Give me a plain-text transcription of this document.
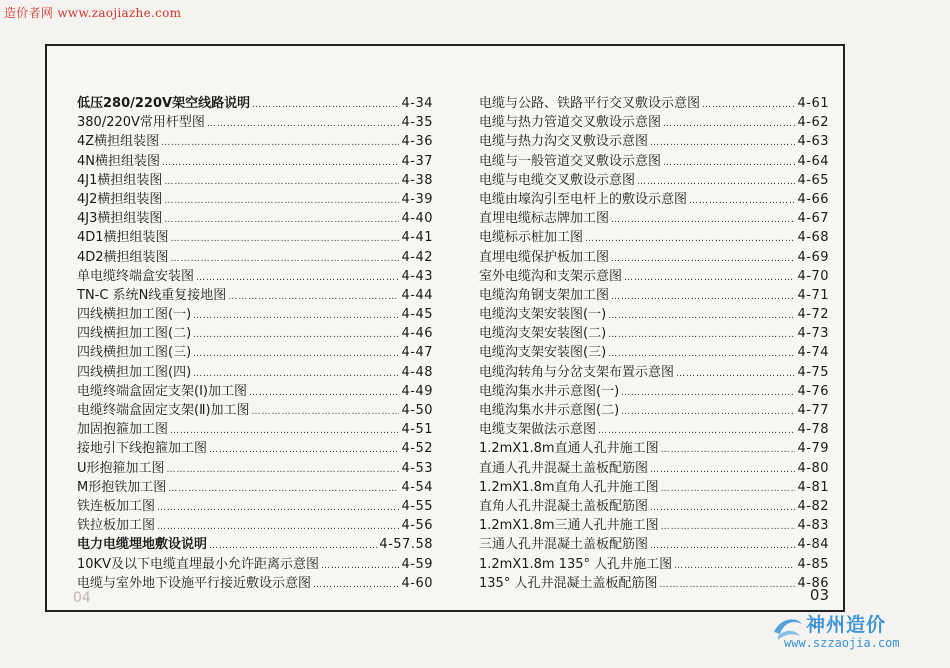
造价者网 www.zaojiazhe.com
低压280/220V架空线路说明 ……………………………………………………………………………………………………	4-34
380/220V常用杆型图 ……………………………………………………………………………………………………	4-35
4Z横担组装图 ……………………………………………………………………………………………………	4-36
4N横担组装图 ……………………………………………………………………………………………………	4-37
4J1横担组装图 ……………………………………………………………………………………………………	4-38
4J2横担组装图 ……………………………………………………………………………………………………	4-39
4J3横担组装图 ……………………………………………………………………………………………………	4-40
4D1横担组装图 ……………………………………………………………………………………………………	4-41
4D2横担组装图 ……………………………………………………………………………………………………	4-42
单电缆终端盒安装图 ……………………………………………………………………………………………………	4-43
TN-C 系统N线重复接地图 ……………………………………………………………………………………………………	4-44
四线横担加工图(一) ……………………………………………………………………………………………………	4-45
四线横担加工图(二) ……………………………………………………………………………………………………	4-46
四线横担加工图(三) ……………………………………………………………………………………………………	4-47
四线横担加工图(四) ……………………………………………………………………………………………………	4-48
电缆终端盒固定支架(Ⅰ)加工图 ……………………………………………………………………………………………………	4-49
电缆终端盒固定支架(Ⅱ)加工图 ……………………………………………………………………………………………………	4-50
加固抱箍加工图 ……………………………………………………………………………………………………	4-51
接地引下线抱箍加工图 ……………………………………………………………………………………………………	4-52
U形抱箍加工图 ……………………………………………………………………………………………………	4-53
M形抱铁加工图 ……………………………………………………………………………………………………	4-54
铁连板加工图 ……………………………………………………………………………………………………	4-55
铁拉板加工图 ……………………………………………………………………………………………………	4-56
电力电缆埋地敷设说明 ……………………………………………………………………………………………………	4-57.58
10KV及以下电缆直埋最小允许距离示意图 ……………………………………………………………………………………………………	4-59
电缆与室外地下设施平行接近敷设示意图 ……………………………………………………………………………………………………	4-60
电缆与公路、铁路平行交叉敷设示意图 ……………………………………………………………………………………………………	4-61
电缆与热力管道交叉敷设示意图 ……………………………………………………………………………………………………	4-62
电缆与热力沟交叉敷设示意图 ……………………………………………………………………………………………………	4-63
电缆与一般管道交叉敷设示意图 ……………………………………………………………………………………………………	4-64
电缆与电缆交叉敷设示意图 ……………………………………………………………………………………………………	4-65
电缆由壕沟引至电杆上的敷设示意图 ……………………………………………………………………………………………………	4-66
直埋电缆标志牌加工图 ……………………………………………………………………………………………………	4-67
电缆标示桩加工图 ……………………………………………………………………………………………………	4-68
直埋电缆保护板加工图 ……………………………………………………………………………………………………	4-69
室外电缆沟和支架示意图 ……………………………………………………………………………………………………	4-70
电缆沟角钢支架加工图 ……………………………………………………………………………………………………	4-71
电缆沟支架安装图(一) ……………………………………………………………………………………………………	4-72
电缆沟支架安装图(二) ……………………………………………………………………………………………………	4-73
电缆沟支架安装图(三) ……………………………………………………………………………………………………	4-74
电缆沟转角与分岔支架布置示意图 ……………………………………………………………………………………………………	4-75
电缆沟集水井示意图(一) ……………………………………………………………………………………………………	4-76
电缆沟集水井示意图(二) ……………………………………………………………………………………………………	4-77
电缆支架做法示意图 ……………………………………………………………………………………………………	4-78
1.2mX1.8m直通人孔井施工图 ……………………………………………………………………………………………………	4-79
直通人孔井混凝土盖板配筋图 ……………………………………………………………………………………………………	4-80
1.2mX1.8m直角人孔井施工图 ……………………………………………………………………………………………………	4-81
直角人孔井混凝土盖板配筋图 ……………………………………………………………………………………………………	4-82
1.2mX1.8m三通人孔井施工图 ……………………………………………………………………………………………………	4-83
三通人孔井混凝土盖板配筋图 ……………………………………………………………………………………………………	4-84
1.2mX1.8m 135° 人孔井施工图 ……………………………………………………………………………………………………	4-85
135° 人孔井混凝土盖板配筋图 ……………………………………………………………………………………………………	4-86
04	03
神州造价
www.szzaojia.com
